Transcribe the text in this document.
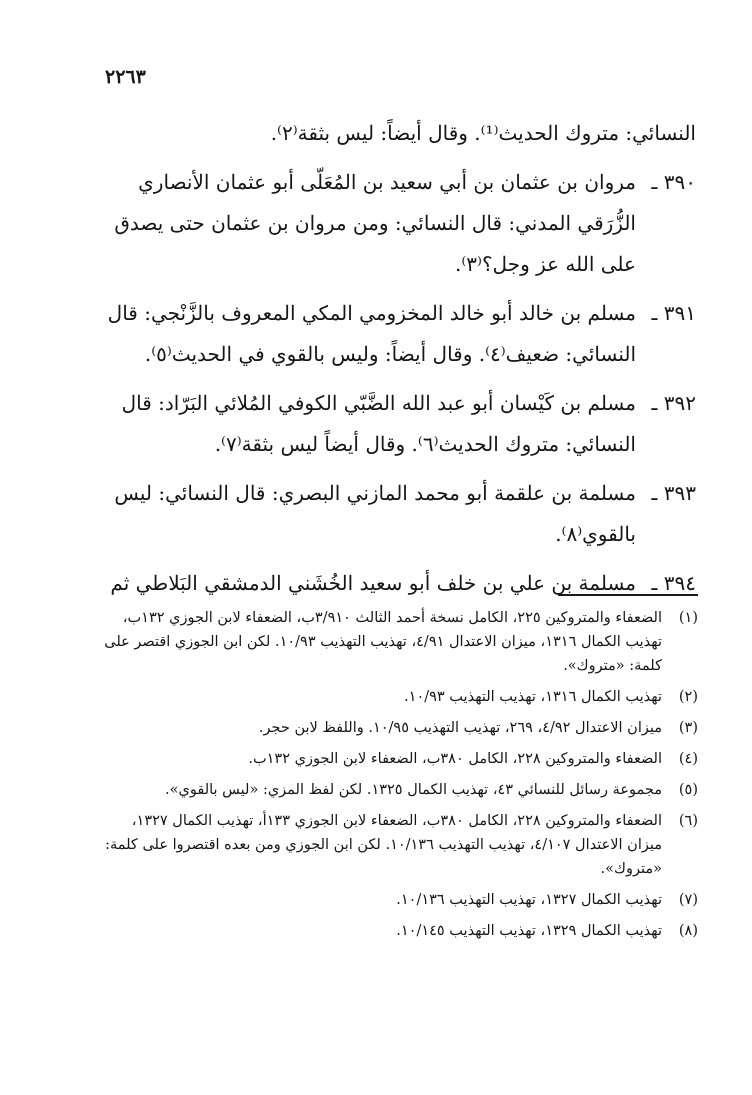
٢٢٦٣
النسائي: متروك الحديث⁽¹⁾. وقال أيضاً: ليس بثقة⁽٢⁾.
٣٩٠ ـ
مروان بن عثمان بن أبي سعيد بن المُعَلّى أبو عثمان الأنصاري الزُّرَقي المدني: قال النسائي: ومن مروان بن عثمان حتى يصدق على الله عز وجل؟⁽٣⁾.
٣٩١ ـ
مسلم بن خالد أبو خالد المخزومي المكي المعروف بالزَّنْجي: قال النسائي: ضعيف⁽٤⁾. وقال أيضاً: وليس بالقوي في الحديث⁽٥⁾.
٣٩٢ ـ
مسلم بن كَيْسان أبو عبد الله الضَّبّي الكوفي المُلائي البَرّاد: قال النسائي: متروك الحديث⁽٦⁾. وقال أيضاً ليس بثقة⁽٧⁾.
٣٩٣ ـ
مسلمة بن علقمة أبو محمد المازني البصري: قال النسائي: ليس بالقوي⁽٨⁾.
٣٩٤ ـ
مسلمة بن علي بن خلف أبو سعيد الخُشَني الدمشقي البَلاطي ثم
(١)
الضعفاء والمتروكين ٢٢٥، الكامل نسخة أحمد الثالث ٣/٩١٠ب، الضعفاء لابن الجوزي ١٣٢ب، تهذيب الكمال ١٣١٦، ميزان الاعتدال ٤/٩١، تهذيب التهذيب ١٠/٩٣. لكن ابن الجوزي اقتصر على كلمة: «متروك».
(٢)
تهذيب الكمال ١٣١٦، تهذيب التهذيب ١٠/٩٣.
(٣)
ميزان الاعتدال ٤/٩٢، ٢٦٩، تهذيب التهذيب ١٠/٩٥. واللفظ لابن حجر.
(٤)
الضعفاء والمتروكين ٢٢٨، الكامل ٣٨٠ب، الضعفاء لابن الجوزي ١٣٢ب.
(٥)
مجموعة رسائل للنسائي ٤٣، تهذيب الكمال ١٣٢٥. لكن لفظ المزي: «ليس بالقوي».
(٦)
الضعفاء والمتروكين ٢٢٨، الكامل ٣٨٠ب، الضعفاء لابن الجوزي ١٣٣أ، تهذيب الكمال ١٣٢٧، ميزان الاعتدال ٤/١٠٧، تهذيب التهذيب ١٠/١٣٦. لكن ابن الجوزي ومن بعده اقتصروا على كلمة: «متروك».
(٧)
تهذيب الكمال ١٣٢٧، تهذيب التهذيب ١٠/١٣٦.
(٨)
تهذيب الكمال ١٣٢٩، تهذيب التهذيب ١٠/١٤٥.
